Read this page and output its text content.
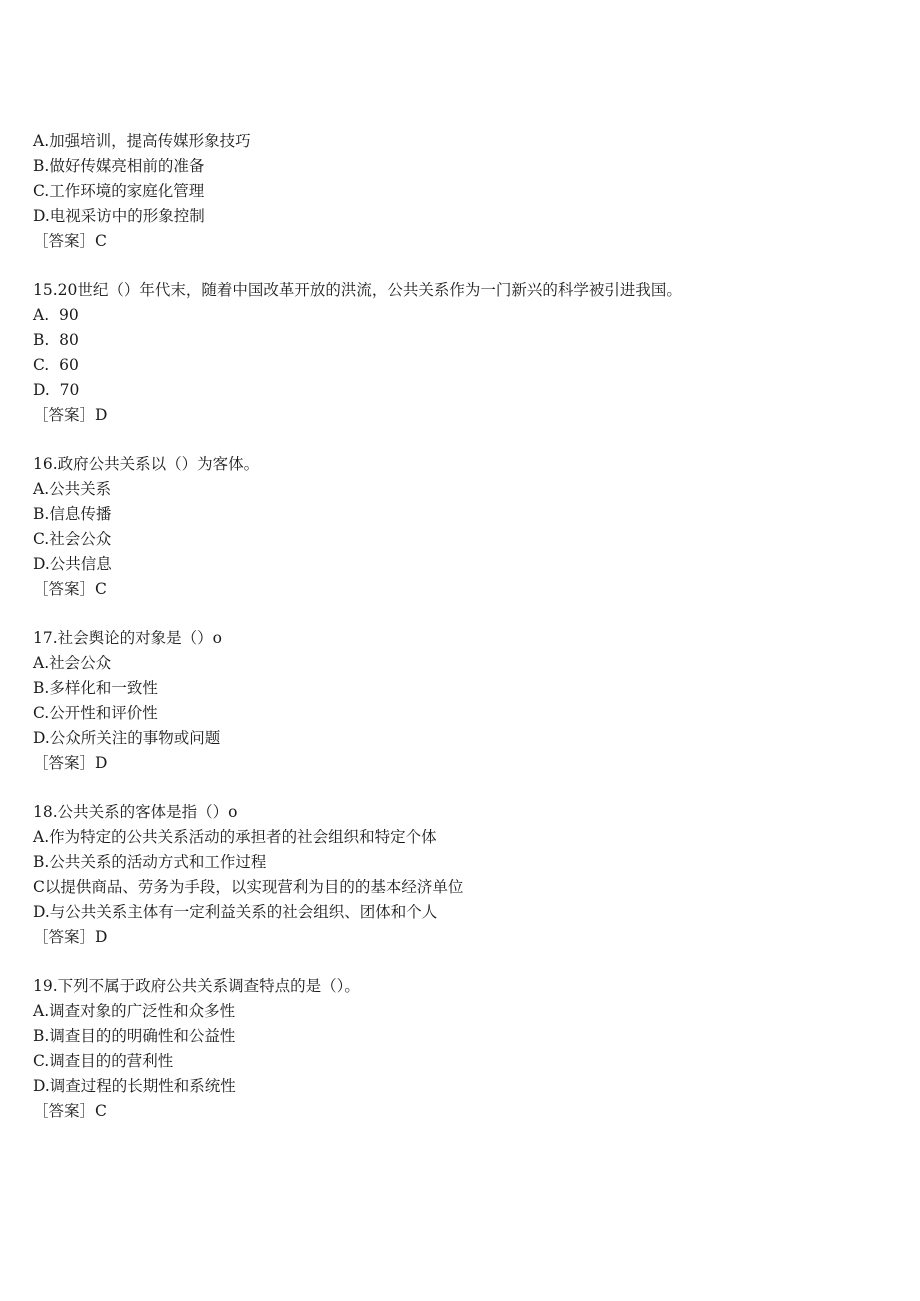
A.加强培训，提高传媒形象技巧
B.做好传媒亮相前的准备
C.工作环境的家庭化管理
D.电视采访中的形象控制
［答案］C
15.20世纪（）年代末，随着中国改革开放的洪流，公共关系作为一门新兴的科学被引进我国。
A.  90
B.  80
C.  60
D.  70
［答案］D
16.政府公共关系以（）为客体。
A.公共关系
B.信息传播
C.社会公众
D.公共信息
［答案］C
17.社会舆论的对象是（）o
A.社会公众
B.多样化和一致性
C.公开性和评价性
D.公众所关注的事物或问题
［答案］D
18.公共关系的客体是指（）o
A.作为特定的公共关系活动的承担者的社会组织和特定个体
B.公共关系的活动方式和工作过程
C以提供商品、劳务为手段，以实现营利为目的的基本经济单位
D.与公共关系主体有一定利益关系的社会组织、团体和个人
［答案］D
19.下列不属于政府公共关系调查特点的是（）。
A.调查对象的广泛性和众多性
B.调查目的的明确性和公益性
C.调查目的的营利性
D.调查过程的长期性和系统性
［答案］C
